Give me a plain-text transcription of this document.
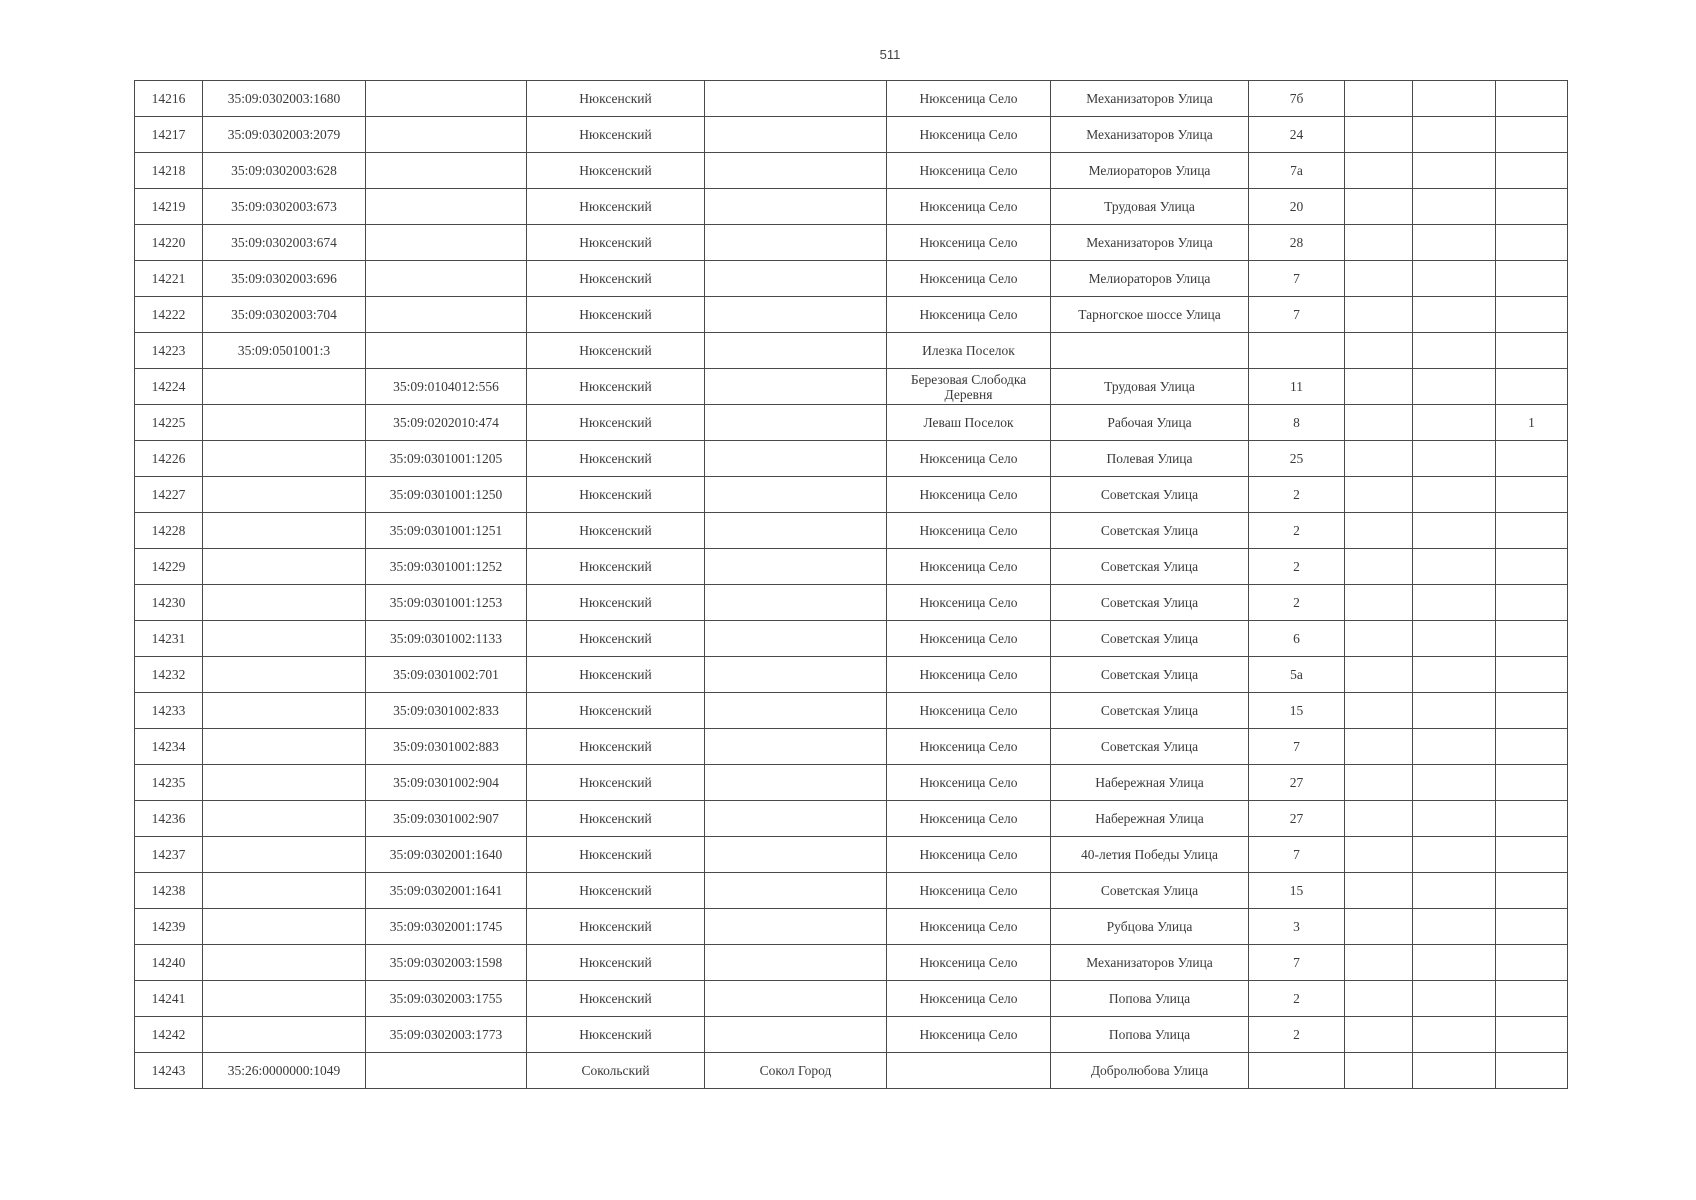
511
14216	35:09:0302003:1680		Нюксенский		Нюксеница Село	Механизаторов Улица	7б			
14217	35:09:0302003:2079		Нюксенский		Нюксеница Село	Механизаторов Улица	24			
14218	35:09:0302003:628		Нюксенский		Нюксеница Село	Мелиораторов Улица	7а			
14219	35:09:0302003:673		Нюксенский		Нюксеница Село	Трудовая Улица	20			
14220	35:09:0302003:674		Нюксенский		Нюксеница Село	Механизаторов Улица	28			
14221	35:09:0302003:696		Нюксенский		Нюксеница Село	Мелиораторов Улица	7			
14222	35:09:0302003:704		Нюксенский		Нюксеница Село	Тарногское шоссе Улица	7			
14223	35:09:0501001:3		Нюксенский		Илезка Поселок					
14224		35:09:0104012:556	Нюксенский		Березовая Слободка Деревня	Трудовая Улица	11			
14225		35:09:0202010:474	Нюксенский		Леваш Поселок	Рабочая Улица	8			1
14226		35:09:0301001:1205	Нюксенский		Нюксеница Село	Полевая Улица	25			
14227		35:09:0301001:1250	Нюксенский		Нюксеница Село	Советская Улица	2			
14228		35:09:0301001:1251	Нюксенский		Нюксеница Село	Советская Улица	2			
14229		35:09:0301001:1252	Нюксенский		Нюксеница Село	Советская Улица	2			
14230		35:09:0301001:1253	Нюксенский		Нюксеница Село	Советская Улица	2			
14231		35:09:0301002:1133	Нюксенский		Нюксеница Село	Советская Улица	6			
14232		35:09:0301002:701	Нюксенский		Нюксеница Село	Советская Улица	5а			
14233		35:09:0301002:833	Нюксенский		Нюксеница Село	Советская Улица	15			
14234		35:09:0301002:883	Нюксенский		Нюксеница Село	Советская Улица	7			
14235		35:09:0301002:904	Нюксенский		Нюксеница Село	Набережная Улица	27			
14236		35:09:0301002:907	Нюксенский		Нюксеница Село	Набережная Улица	27			
14237		35:09:0302001:1640	Нюксенский		Нюксеница Село	40-летия Победы Улица	7			
14238		35:09:0302001:1641	Нюксенский		Нюксеница Село	Советская Улица	15			
14239		35:09:0302001:1745	Нюксенский		Нюксеница Село	Рубцова Улица	3			
14240		35:09:0302003:1598	Нюксенский		Нюксеница Село	Механизаторов Улица	7			
14241		35:09:0302003:1755	Нюксенский		Нюксеница Село	Попова Улица	2			
14242		35:09:0302003:1773	Нюксенский		Нюксеница Село	Попова Улица	2			
14243	35:26:0000000:1049		Сокольский	Сокол Город		Добролюбова Улица				
